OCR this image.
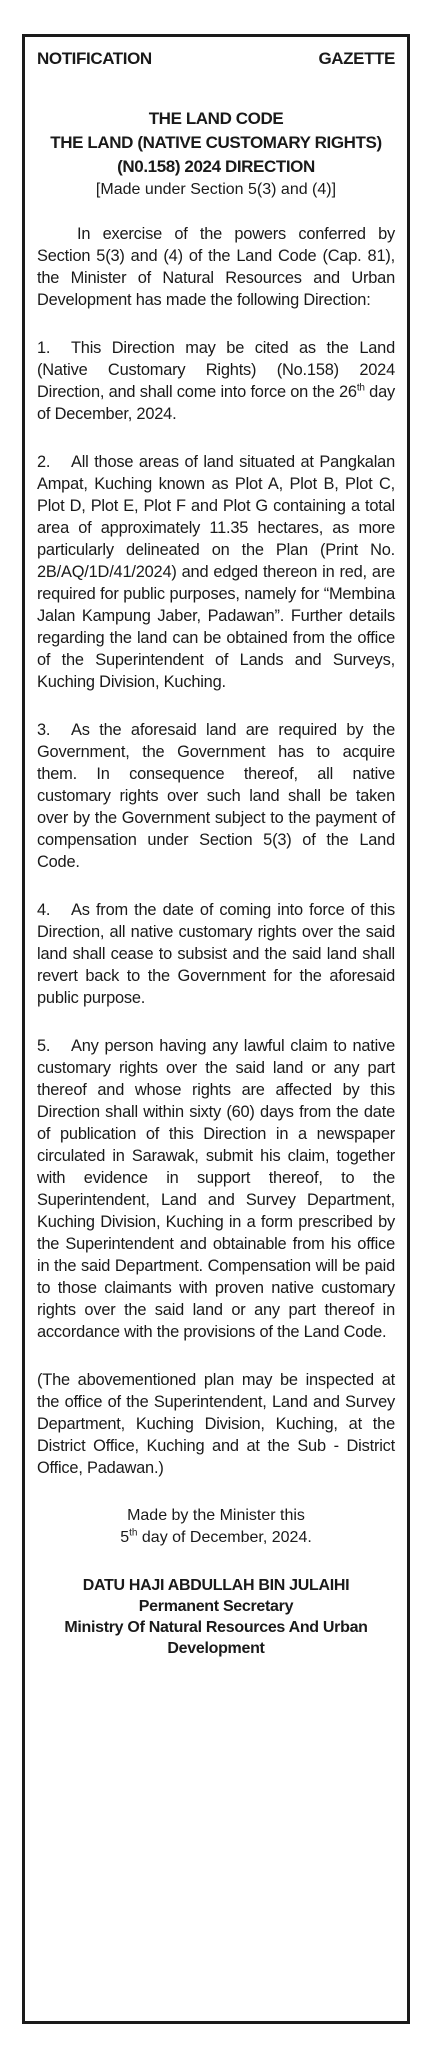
NOTIFICATION	GAZETTE
THE LAND CODE
THE LAND (NATIVE CUSTOMARY RIGHTS)
(N0.158) 2024 DIRECTION
[Made under Section 5(3) and (4)]

In exercise of the powers conferred by Section 5(3) and (4) of the Land Code (Cap. 81), the Minister of Natural Resources and Urban Development has made the following Direction:

1. This Direction may be cited as the Land (Native Customary Rights) (No.158) 2024 Direction, and shall come into force on the 26th day of December, 2024.

2. All those areas of land situated at Pangkalan Ampat, Kuching known as Plot A, Plot B, Plot C, Plot D, Plot E, Plot F and Plot G containing a total area of approximately 11.35 hectares, as more particularly delineated on the Plan (Print No. 2B/AQ/1D/41/2024) and edged thereon in red, are required for public purposes, namely for “Membina Jalan Kampung Jaber, Padawan”. Further details regarding the land can be obtained from the office of the Superintendent of Lands and Surveys, Kuching Division, Kuching.

3. As the aforesaid land are required by the Government, the Government has to acquire them. In consequence thereof, all native customary rights over such land shall be taken over by the Government subject to the payment of compensation under Section 5(3) of the Land Code.

4. As from the date of coming into force of this Direction, all native customary rights over the said land shall cease to subsist and the said land shall revert back to the Government for the aforesaid public purpose.

5. Any person having any lawful claim to native customary rights over the said land or any part thereof and whose rights are affected by this Direction shall within sixty (60) days from the date of publication of this Direction in a newspaper circulated in Sarawak, submit his claim, together with evidence in support thereof, to the Superintendent, Land and Survey Department, Kuching Division, Kuching in a form prescribed by the Superintendent and obtainable from his office in the said Department. Compensation will be paid to those claimants with proven native customary rights over the said land or any part thereof in accordance with the provisions of the Land Code.

(The abovementioned plan may be inspected at the office of the Superintendent, Land and Survey Department, Kuching Division, Kuching, at the District Office, Kuching and at the Sub - District Office, Padawan.)

Made by the Minister this
5th day of December, 2024.
DATU HAJI ABDULLAH BIN JULAIHI
Permanent Secretary
Ministry Of Natural Resources And Urban
Development
